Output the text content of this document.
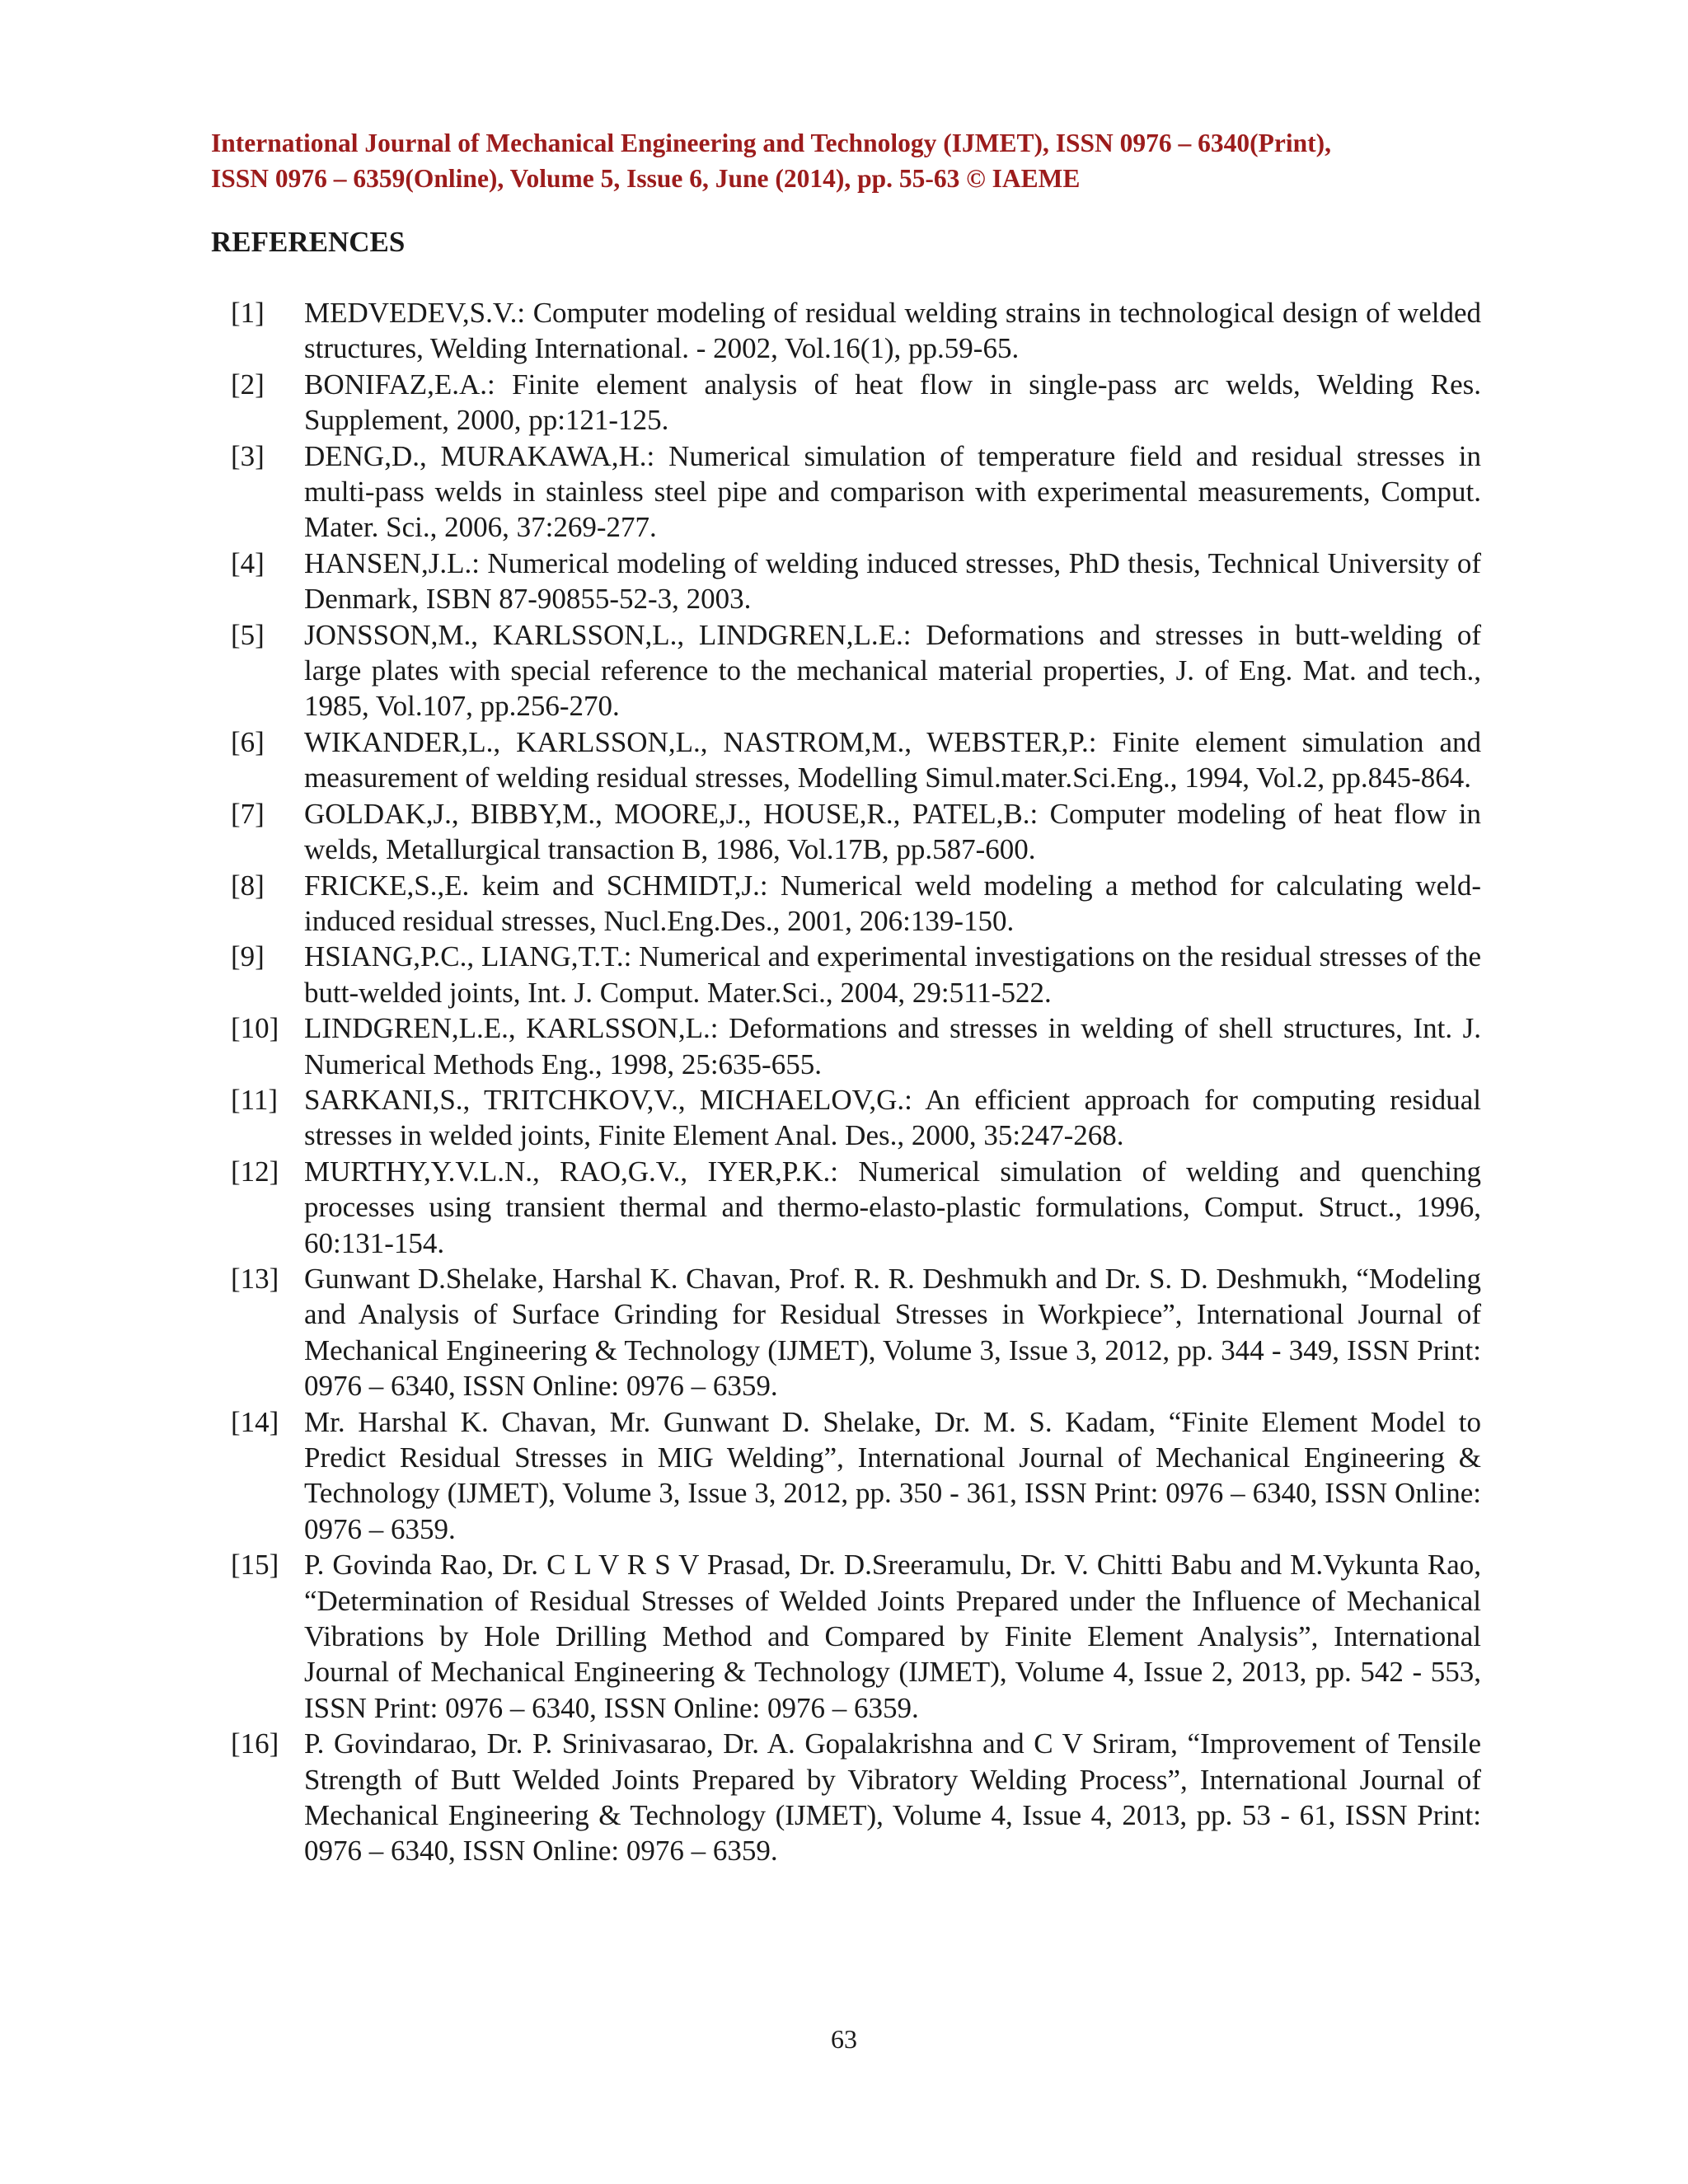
International Journal of Mechanical Engineering and Technology (IJMET), ISSN 0976 – 6340(Print),
ISSN 0976 – 6359(Online), Volume 5, Issue 6, June (2014), pp. 55-63 © IAEME
REFERENCES
[1] MEDVEDEV,S.V.: Computer modeling of residual welding strains in technological design of welded structures, Welding International. - 2002, Vol.16(1), pp.59-65.
[2] BONIFAZ,E.A.: Finite element analysis of heat flow in single-pass arc welds, Welding Res. Supplement, 2000, pp:121-125.
[3] DENG,D., MURAKAWA,H.: Numerical simulation of temperature field and residual stresses in multi-pass welds in stainless steel pipe and comparison with experimental measurements, Comput. Mater. Sci., 2006, 37:269-277.
[4] HANSEN,J.L.: Numerical modeling of welding induced stresses, PhD thesis, Technical University of Denmark, ISBN 87-90855-52-3, 2003.
[5] JONSSON,M., KARLSSON,L., LINDGREN,L.E.: Deformations and stresses in butt-welding of large plates with special reference to the mechanical material properties, J. of Eng. Mat. and tech., 1985, Vol.107, pp.256-270.
[6] WIKANDER,L., KARLSSON,L., NASTROM,M., WEBSTER,P.: Finite element simulation and measurement of welding residual stresses, Modelling Simul.mater.Sci.Eng., 1994, Vol.2, pp.845-864.
[7] GOLDAK,J., BIBBY,M., MOORE,J., HOUSE,R., PATEL,B.: Computer modeling of heat flow in welds, Metallurgical transaction B, 1986, Vol.17B, pp.587-600.
[8] FRICKE,S.,E. keim and SCHMIDT,J.: Numerical weld modeling a method for calculating weld-induced residual stresses, Nucl.Eng.Des., 2001, 206:139-150.
[9] HSIANG,P.C., LIANG,T.T.: Numerical and experimental investigations on the residual stresses of the butt-welded joints, Int. J. Comput. Mater.Sci., 2004, 29:511-522.
[10] LINDGREN,L.E., KARLSSON,L.: Deformations and stresses in welding of shell structures, Int. J. Numerical Methods Eng., 1998, 25:635-655.
[11] SARKANI,S., TRITCHKOV,V., MICHAELOV,G.: An efficient approach for computing residual stresses in welded joints, Finite Element Anal. Des., 2000, 35:247-268.
[12] MURTHY,Y.V.L.N., RAO,G.V., IYER,P.K.: Numerical simulation of welding and quenching processes using transient thermal and thermo-elasto-plastic formulations, Comput. Struct., 1996, 60:131-154.
[13] Gunwant D.Shelake, Harshal K. Chavan, Prof. R. R. Deshmukh and Dr. S. D. Deshmukh, “Modeling and Analysis of Surface Grinding for Residual Stresses in Workpiece”, International Journal of Mechanical Engineering & Technology (IJMET), Volume 3, Issue 3, 2012, pp. 344 - 349, ISSN Print: 0976 – 6340, ISSN Online: 0976 – 6359.
[14] Mr. Harshal K. Chavan, Mr. Gunwant D. Shelake, Dr. M. S. Kadam, “Finite Element Model to Predict Residual Stresses in MIG Welding”, International Journal of Mechanical Engineering & Technology (IJMET), Volume 3, Issue 3, 2012, pp. 350 - 361, ISSN Print: 0976 – 6340, ISSN Online: 0976 – 6359.
[15] P. Govinda Rao, Dr. C L V R S V Prasad, Dr. D.Sreeramulu, Dr. V. Chitti Babu and M.Vykunta Rao, “Determination of Residual Stresses of Welded Joints Prepared under the Influence of Mechanical Vibrations by Hole Drilling Method and Compared by Finite Element Analysis”, International Journal of Mechanical Engineering & Technology (IJMET), Volume 4, Issue 2, 2013, pp. 542 - 553, ISSN Print: 0976 – 6340, ISSN Online: 0976 – 6359.
[16] P. Govindarao, Dr. P. Srinivasarao, Dr. A. Gopalakrishna and C V Sriram, “Improvement of Tensile Strength of Butt Welded Joints Prepared by Vibratory Welding Process”, International Journal of Mechanical Engineering & Technology (IJMET), Volume 4, Issue 4, 2013, pp. 53 - 61, ISSN Print: 0976 – 6340, ISSN Online: 0976 – 6359.
63
